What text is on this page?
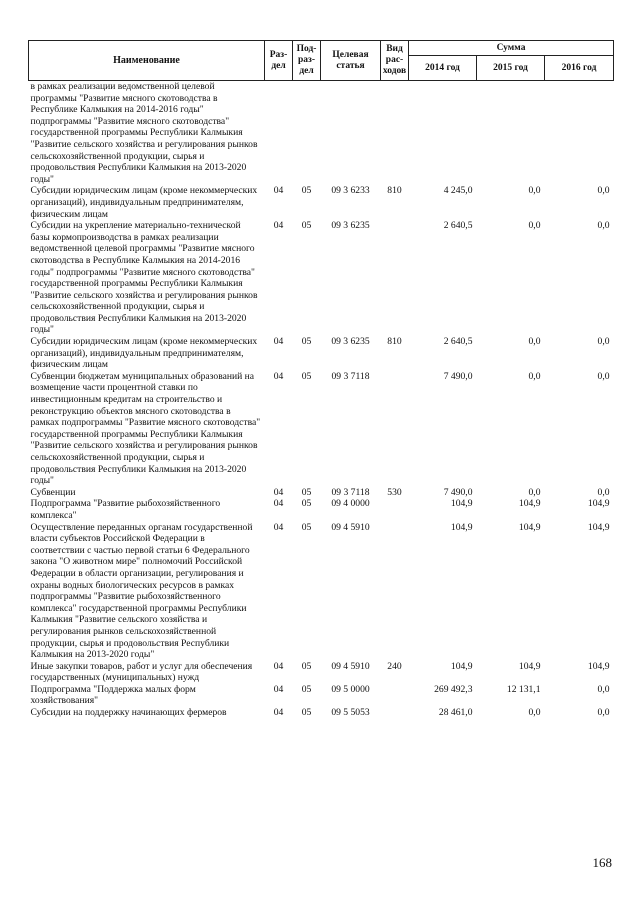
Наименование	Раз-дел	Под-раз-дел	Целевая статья	Вид рас-ходов	Сумма		
					2014 год	2015 год	2016 год
в рамках реализации ведомственной целевой программы "Развитие мясного скотоводства в Республике Калмыкия на 2014-2016 годы" подпрограммы "Развитие мясного скотоводства" государственной программы Республики Калмыкия "Развитие сельского хозяйства и регулирования рынков сельскохозяйственной продукции, сырья и продовольствия Республики Калмыкия на 2013-2020 годы"							
Субсидии юридическим лицам (кроме некоммерческих организаций), индивидуальным предпринимателям, физическим лицам	04	05	09 3 6233	810	4 245,0	0,0	0,0
Субсидии на укрепление материально-технической базы кормопроизводства в рамках реализации ведомственной целевой программы "Развитие мясного скотоводства в Республике Калмыкия на 2014-2016 годы" подпрограммы "Развитие мясного скотоводства" государственной программы Республики Калмыкия "Развитие сельского хозяйства и регулирования рынков сельскохозяйственной продукции, сырья и продовольствия Республики Калмыкия на 2013-2020 годы"	04	05	09 3 6235		2 640,5	0,0	0,0
Субсидии юридическим лицам (кроме некоммерческих организаций), индивидуальным предпринимателям, физическим лицам	04	05	09 3 6235	810	2 640,5	0,0	0,0
Субвенции бюджетам муниципальных образований на возмещение части процентной ставки по инвестиционным кредитам на строительство и реконструкцию объектов мясного скотоводства в рамках подпрограммы "Развитие мясного скотоводства" государственной программы Республики Калмыкия "Развитие сельского хозяйства и регулирования рынков сельскохозяйственной продукции, сырья и продовольствия Республики Калмыкия на 2013-2020 годы"	04	05	09 3 7118		7 490,0	0,0	0,0
Субвенции	04	05	09 3 7118	530	7 490,0	0,0	0,0
Подпрограмма "Развитие рыбохозяйственного комплекса"	04	05	09 4 0000		104,9	104,9	104,9
Осуществление переданных органам государственной власти субъектов Российской Федерации в соответствии с частью первой статьи 6 Федерального закона "О животном мире" полномочий Российской Федерации в области организации, регулирования и охраны водных биологических ресурсов в рамках подпрограммы "Развитие рыбохозяйственного комплекса" государственной программы Республики Калмыкия "Развитие сельского хозяйства и регулирования рынков сельскохозяйственной продукции, сырья и продовольствия Республики Калмыкия на 2013-2020 годы"	04	05	09 4 5910		104,9	104,9	104,9
Иные закупки товаров, работ и услуг для обеспечения государственных (муниципальных) нужд	04	05	09 4 5910	240	104,9	104,9	104,9
Подпрограмма "Поддержка малых форм хозяйствования"	04	05	09 5 0000		269 492,3	12 131,1	0,0
Субсидии на поддержку начинающих фермеров	04	05	09 5 5053		28 461,0	0,0	0,0
168
